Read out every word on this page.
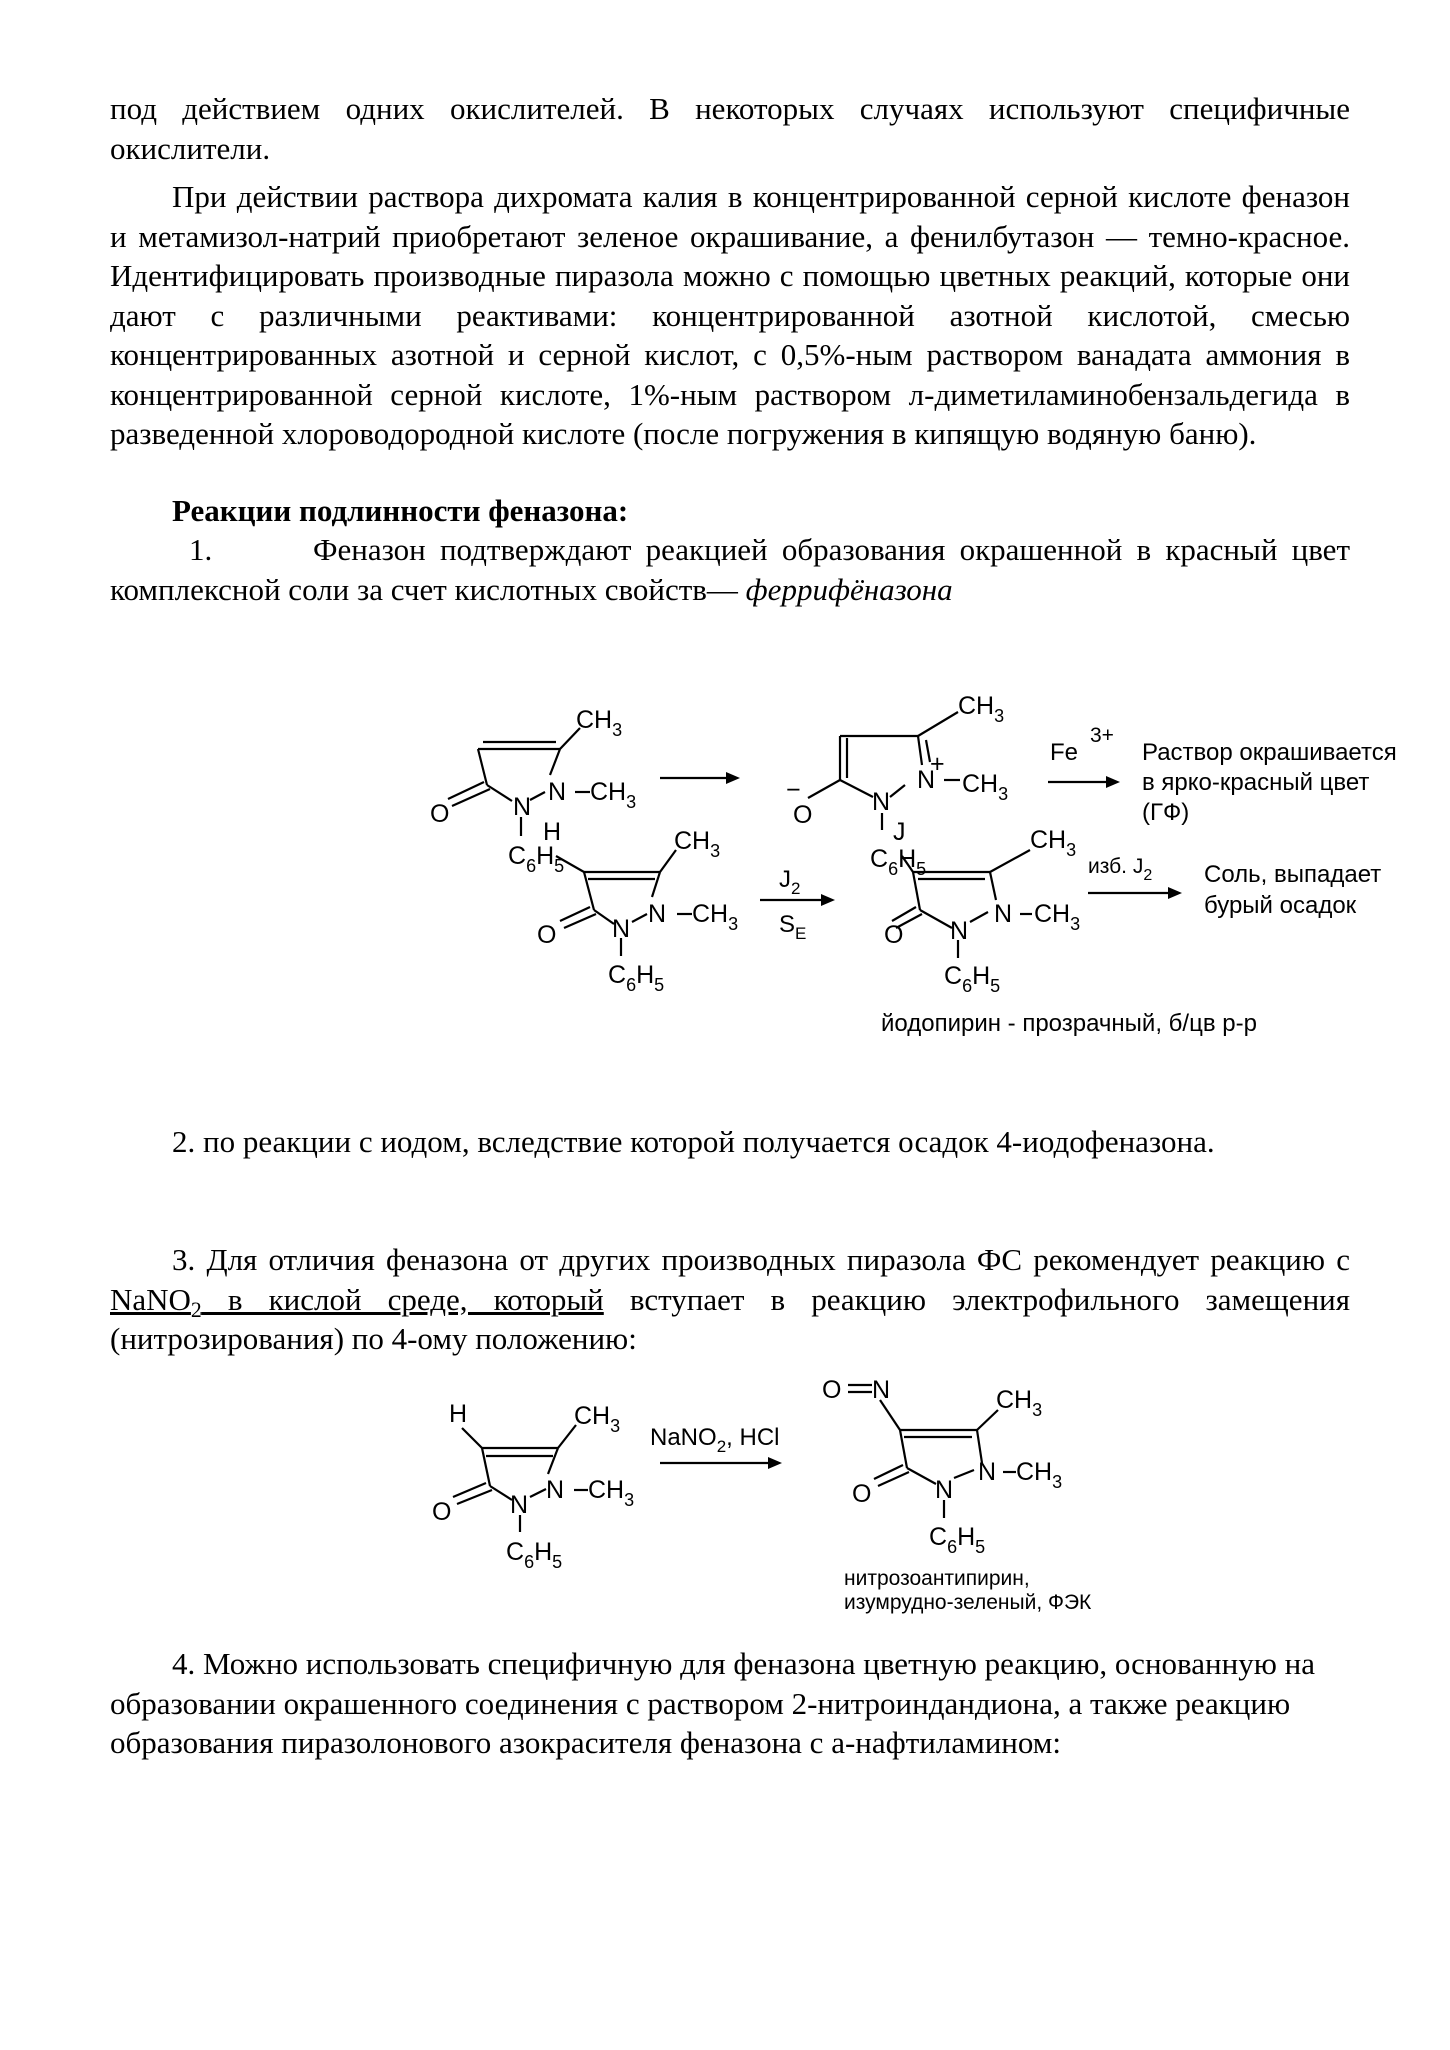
под действием одних окислителей. В некоторых случаях используют специфичные окислители.

При действии раствора дихромата калия в концентрированной серной кислоте феназон и метамизол-натрий приобретают зеленое окрашивание, а фенилбутазон — темно-красное. Идентифицировать производные пиразола можно с помощью цветных реакций, которые они дают с различными реактивами: концентрированной азотной кислотой, смесью концентрированных азотной и серной кислот, с 0,5%-ным раствором ванадата аммония в концентрированной серной кислоте, 1%-ным раствором л-диметиламинобензальдегида в разведенной хлороводородной кислоте (после погружения в кипящую водяную баню).

Реакции подлинности феназона:

1.	Феназон подтверждают реакцией образования окрашенной в красный цвет комплексной соли за счет кислотных свойств— феррифёназона

$CH_3$
N $CH_3$
N
O
$C_6H_5$
$CH_3$
N
+
$CH_3$
N
−
O
$C_6H_5$
Fe
3+
Раствор окрашивается
в ярко-красный цвет
(ГФ)
H	$CH_3$
N $CH_3$
N
O
$C_6H_5$
$J_2$
$S_E$
J	$CH_3$
N $CH_3$
N
O
$C_6H_5$
изб. $J_2$ Соль, выпадает
бурый осадок
йодопирин - прозрачный, б/цв р-р

2. по реакции с иодом, вследствие которой получается осадок 4-иодофеназона.

3. Для отличия феназона от других производных пиразола ФС рекомендует реакцию с NaNO$_2$ в кислой среде, который вступает в реакцию электрофильного замещения (нитрозирования) по 4-ому положению:

H	$CH_3$
N $CH_3$
N
O
$C_6H_5$
NaNO$_2$, HCl
O N	$CH_3$
N $CH_3$
N
O
$C_6H_5$
нитрозоантипирин,
изумрудно-зеленый, ФЭК

4. Можно использовать специфичную для феназона цветную реакцию, основанную на образовании окрашенного соединения с раствором 2-нитроиндандиона, а также реакцию образования пиразолонового азокрасителя феназона с а-нафтиламином:
